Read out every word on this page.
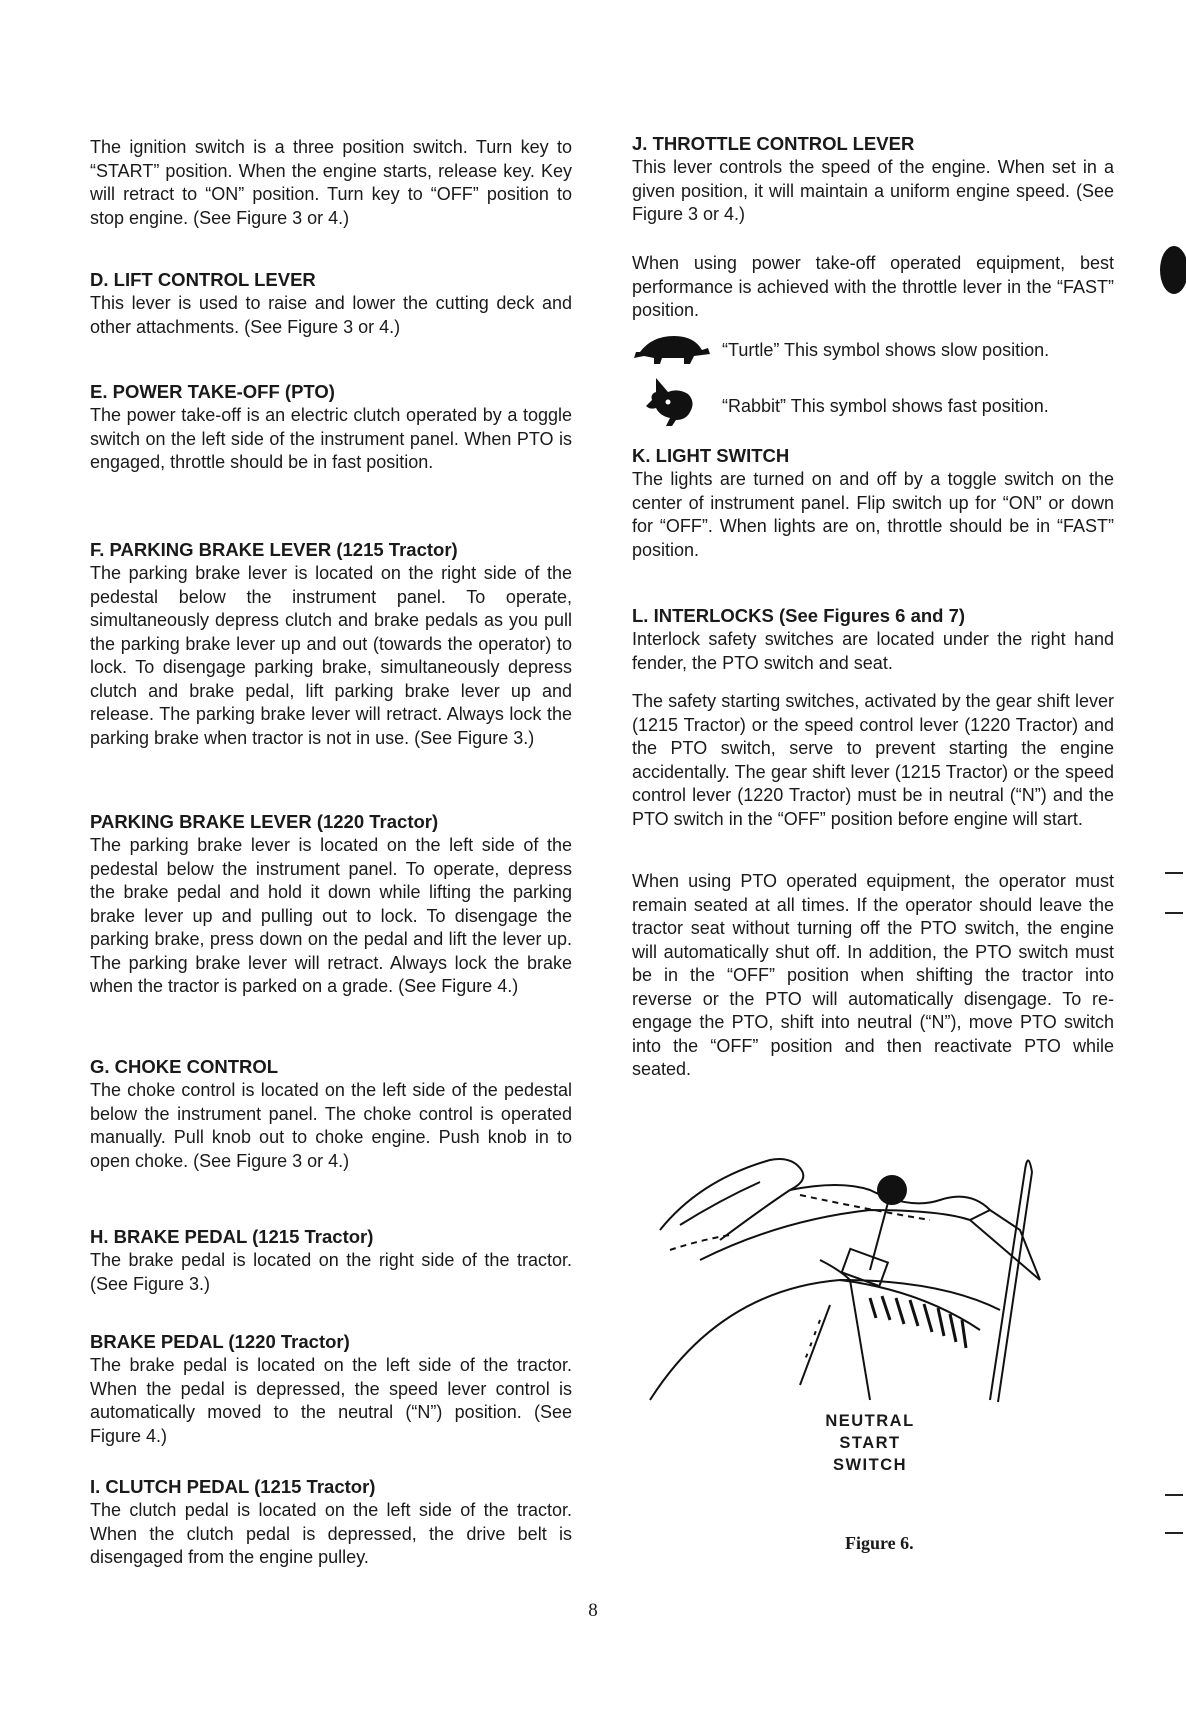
The ignition switch is a three position switch. Turn key to “START” position. When the engine starts, release key. Key will retract to “ON” position. Turn key to “OFF” position to stop engine. (See Figure 3 or 4.)

D. LIFT CONTROL LEVER

This lever is used to raise and lower the cutting deck and other attachments. (See Figure 3 or 4.)

E. POWER TAKE-OFF (PTO)

The power take-off is an electric clutch operated by a toggle switch on the left side of the instrument panel. When PTO is engaged, throttle should be in fast position.

F. PARKING BRAKE LEVER (1215 Tractor)

The parking brake lever is located on the right side of the pedestal below the instrument panel. To operate, simultaneously depress clutch and brake pedals as you pull the parking brake lever up and out (towards the operator) to lock. To disengage parking brake, simultaneously depress clutch and brake pedal, lift parking brake lever up and release. The parking brake lever will retract. Always lock the parking brake when tractor is not in use. (See Figure 3.)

PARKING BRAKE LEVER (1220 Tractor)

The parking brake lever is located on the left side of the pedestal below the instrument panel. To operate, depress the brake pedal and hold it down while lifting the parking brake lever up and pulling out to lock. To disengage the parking brake, press down on the pedal and lift the lever up. The parking brake lever will retract. Always lock the brake when the tractor is parked on a grade. (See Figure 4.)

G. CHOKE CONTROL

The choke control is located on the left side of the pedestal below the instrument panel. The choke control is operated manually. Pull knob out to choke engine. Push knob in to open choke. (See Figure 3 or 4.)

H. BRAKE PEDAL (1215 Tractor)

The brake pedal is located on the right side of the tractor. (See Figure 3.)

BRAKE PEDAL (1220 Tractor)

The brake pedal is located on the left side of the tractor. When the pedal is depressed, the speed lever control is automatically moved to the neutral (“N”) position. (See Figure 4.)

I. CLUTCH PEDAL (1215 Tractor)

The clutch pedal is located on the left side of the tractor. When the clutch pedal is depressed, the drive belt is disengaged from the engine pulley.

J. THROTTLE CONTROL LEVER

This lever controls the speed of the engine. When set in a given position, it will maintain a uniform engine speed. (See Figure 3 or 4.)

When using power take-off operated equipment, best performance is achieved with the throttle lever in the “FAST” position.

“Turtle” This symbol shows slow position.
“Rabbit” This symbol shows fast position.

K. LIGHT SWITCH

The lights are turned on and off by a toggle switch on the center of instrument panel. Flip switch up for “ON” or down for “OFF”. When lights are on, throttle should be in “FAST” position.

L. INTERLOCKS (See Figures 6 and 7)

Interlock safety switches are located under the right hand fender, the PTO switch and seat.

The safety starting switches, activated by the gear shift lever (1215 Tractor) or the speed control lever (1220 Tractor) and the PTO switch, serve to prevent starting the engine accidentally. The gear shift lever (1215 Tractor) or the speed control lever (1220 Tractor) must be in neutral (“N”) and the PTO switch in the “OFF” position before engine will start.

When using PTO operated equipment, the operator must remain seated at all times. If the operator should leave the tractor seat without turning off the PTO switch, the engine will automatically shut off. In addition, the PTO switch must be in the “OFF” position when shifting the tractor into reverse or the PTO will automatically disengage. To re-engage the PTO, shift into neutral (“N”), move PTO switch into the “OFF” position and then reactivate PTO while seated.

NEUTRAL
START
SWITCH
Figure 6.
8
